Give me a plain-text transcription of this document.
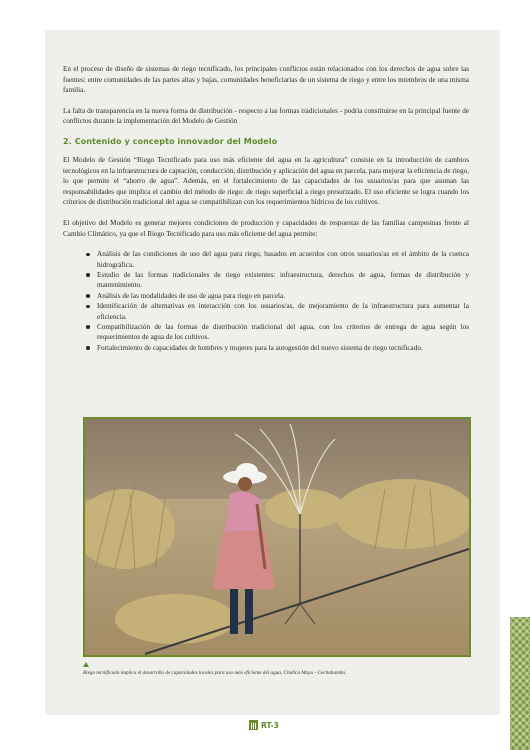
En el proceso de diseño de sistemas de riego tecnificado, los principales conflictos están relacionados con los derechos de agua sobre las fuentes: entre comunidades de las partes altas y bajas, comunidades beneficiarias de un sistema de riego y entre los miembros de una misma familia.

La falta de transparencia en la nueva forma de distribución - respecto a las formas tradicionales - podría constituirse en la principal fuente de conflictos durante la implementación del Modelo de Gestión

2. Contenido y concepto innovador del Modelo

El Modelo de Gestión “Riego Tecnificado para uso más eficiente del agua en la agricultura” consiste en la introducción de cambios tecnológicos en la infraestructura de captación, conducción, distribución y aplicación del agua en parcela, para mejorar la eficiencia de riego, lo que permite el “ahorro de agua”. Además, en el fortalecimiento de las capacidades de los usuarios/as para que asuman las responsabilidades que implica el cambio del método de riego: de riego superficial a riego presurizado. El uso eficiente se logra cuando los criterios de distribución tradicional del agua se compatibilizan con los requerimientos hídricos de los cultivos.

El objetivo del Modelo es generar mejores condiciones de producción y capacidades de respuestas de las familias campesinas frente al Cambio Climático, ya que el Riego Tecnificado para uso más eficiente del agua permite:

Análisis de las condiciones de uso del agua para riego, basados en acuerdos con otros usuarios/as en el ámbito de la cuenca hidrográfica.
Estudio de las formas tradicionales de riego existentes: infraestructura, derechos de agua, formas de distribución y mantenimiento.
Análisis de las modalidades de uso de agua para riego en parcela.
Identificación de alternativas en interacción con los usuarios/as, de mejoramiento de la infraestructura para aumentar la eficiencia.
Compatibilización de las formas de distribución tradicional del agua, con los criterios de entrega de agua según los requerimientos de agua de los cultivos.
Fortalecimiento de capacidades de hombres y mujeres para la autogestión del nuevo sistema de riego tecnificado.
Riego tecnificado implica el desarrollo de capacidades locales para uso más eficiente del agua, Chullcu Mayu - Cochabamba.
RT-3
